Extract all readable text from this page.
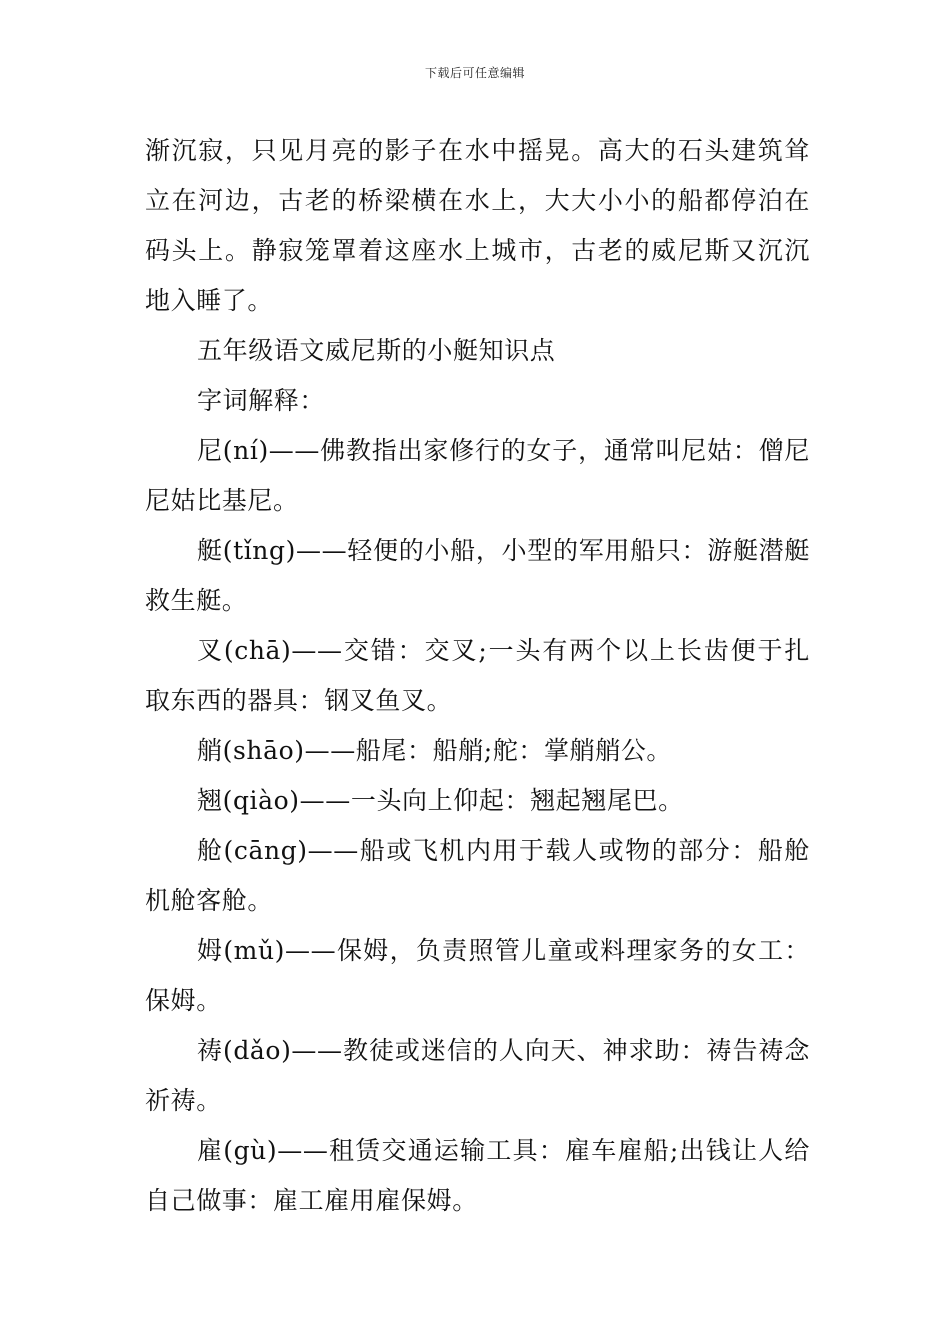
下载后可任意编辑

渐沉寂，只见月亮的影子在水中摇晃。高大的石头建筑耸立在河边，古老的桥梁横在水上，大大小小的船都停泊在码头上。静寂笼罩着这座水上城市，古老的威尼斯又沉沉地入睡了。

五年级语文威尼斯的小艇知识点

字词解释：

尼(ní)——佛教指出家修行的女子，通常叫尼姑：僧尼尼姑比基尼。

艇(tǐng)——轻便的小船，小型的军用船只：游艇潜艇救生艇。

叉(chā)——交错：交叉;一头有两个以上长齿便于扎取东西的器具：钢叉鱼叉。

艄(shāo)——船尾：船艄;舵：掌艄艄公。

翘(qiào)——一头向上仰起：翘起翘尾巴。

舱(cāng)——船或飞机内用于载人或物的部分：船舱机舱客舱。

姆(mǔ)——保姆，负责照管儿童或料理家务的女工：保姆。

祷(dǎo)——教徒或迷信的人向天、神求助：祷告祷念祈祷。

雇(gù)——租赁交通运输工具：雇车雇船;出钱让人给自己做事：雇工雇用雇保姆。
